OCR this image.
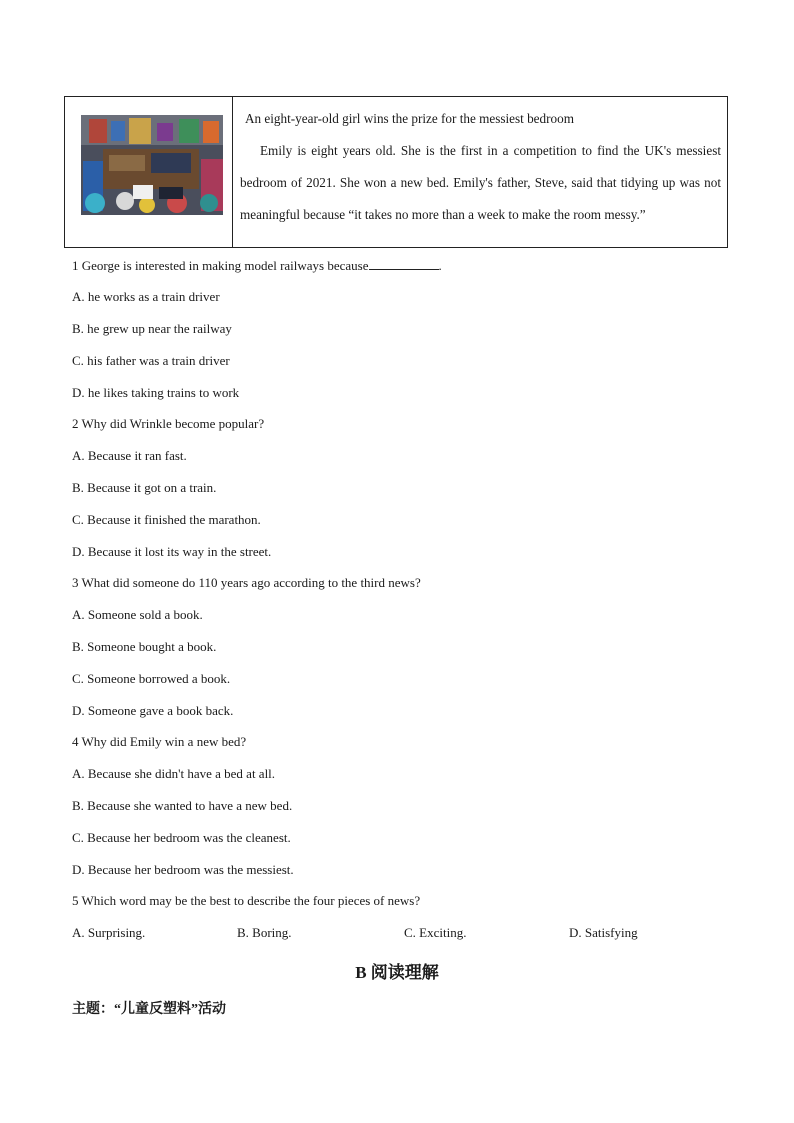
An eight-year-old girl wins the prize for the messiest bedroom

Emily is eight years old. She is the first in a competition to find the UK's messiest bedroom of 2021. She won a new bed. Emily's father, Steve, said that tidying up was not meaningful because “it takes no more than a week to make the room messy.”

1 George is interested in making model railways because	.
A. he works as a train driver
B. he grew up near the railway
C. his father was a train driver
D. he likes taking trains to work
2 Why did Wrinkle become popular?
A. Because it ran fast.
B. Because it got on a train.
C. Because it finished the marathon.
D. Because it lost its way in the street.
3 What did someone do 110 years ago according to the third news?
A. Someone sold a book.
B. Someone bought a book.
C. Someone borrowed a book.
D. Someone gave a book back.
4 Why did Emily win a new bed?
A. Because she didn't have a bed at all.
B. Because she wanted to have a new bed.
C. Because her bedroom was the cleanest.
D. Because her bedroom was the messiest.
5 Which word may be the best to describe the four pieces of news?
A. Surprising.	B. Boring.	C. Exciting.	D. Satisfying
B 阅读理解
主题：“儿童反塑料”活动
